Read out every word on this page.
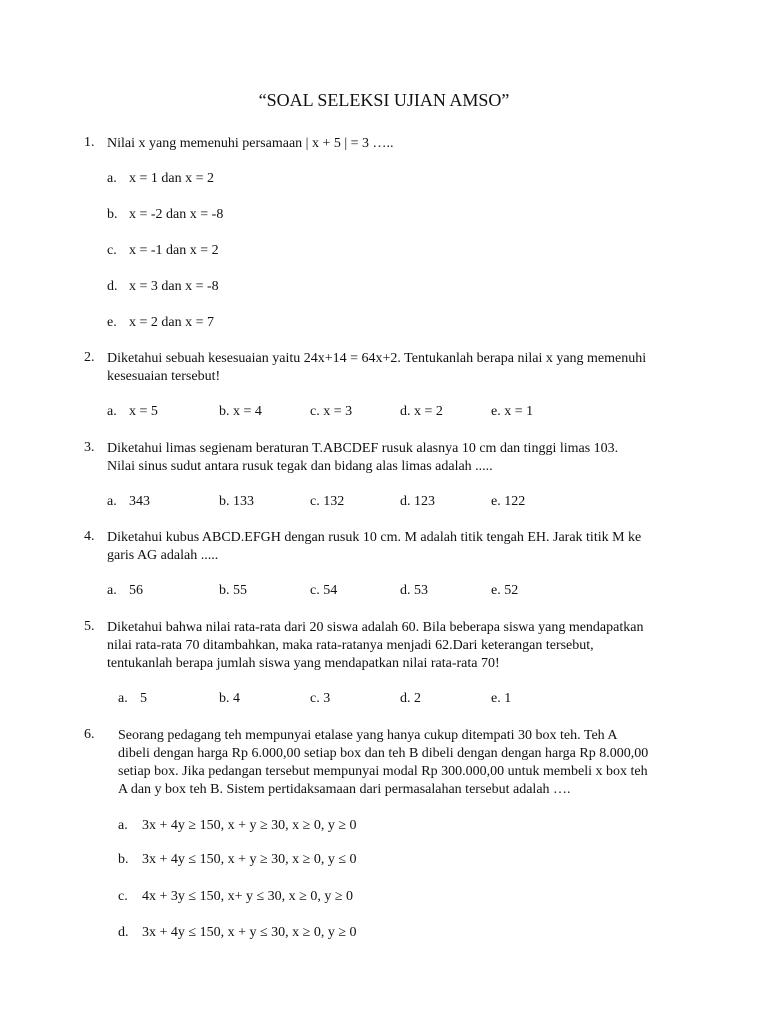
“SOAL SELEKSI UJIAN AMSO”
1. Nilai x yang memenuhi persamaan | x + 5 | = 3 …..
a. x = 1 dan x = 2
b. x = -2 dan x = -8
c. x = -1 dan x = 2
d. x = 3 dan x = -8
e. x = 2 dan x = 7
2. Diketahui sebuah kesesuaian yaitu 24x+14 = 64x+2. Tentukanlah berapa nilai x yang memenuhi
kesesuaian tersebut!
a. x = 5	b. x = 4	c. x = 3	d. x = 2	e. x = 1
3. Diketahui limas segienam beraturan T.ABCDEF rusuk alasnya 10 cm dan tinggi limas 103.
Nilai sinus sudut antara rusuk tegak dan bidang alas limas adalah .....
a. 343	b. 133	c. 132	d. 123	e. 122
4. Diketahui kubus ABCD.EFGH dengan rusuk 10 cm. M adalah titik tengah EH. Jarak titik M ke
garis AG adalah .....
a. 56	b. 55	c. 54	d. 53	e. 52
5. Diketahui bahwa nilai rata-rata dari 20 siswa adalah 60. Bila beberapa siswa yang mendapatkan
nilai rata-rata 70 ditambahkan, maka rata-ratanya menjadi 62.Dari keterangan tersebut,
tentukanlah berapa jumlah siswa yang mendapatkan nilai rata-rata 70!
a. 5	b. 4	c. 3	d. 2	e. 1
6. Seorang pedagang teh mempunyai etalase yang hanya cukup ditempati 30 box teh. Teh A
dibeli dengan harga Rp 6.000,00 setiap box dan teh B dibeli dengan dengan harga Rp 8.000,00
setiap box. Jika pedangan tersebut mempunyai modal Rp 300.000,00 untuk membeli x box teh
A dan y box teh B. Sistem pertidaksamaan dari permasalahan tersebut adalah ….
a. 3x + 4y ≥ 150, x + y ≥ 30, x ≥ 0, y ≥ 0
b. 3x + 4y ≤ 150, x + y ≥ 30, x ≥ 0, y ≤ 0
c. 4x + 3y ≤ 150, x+ y ≤ 30, x ≥ 0, y ≥ 0
d. 3x + 4y ≤ 150, x + y ≤ 30, x ≥ 0, y ≥ 0
